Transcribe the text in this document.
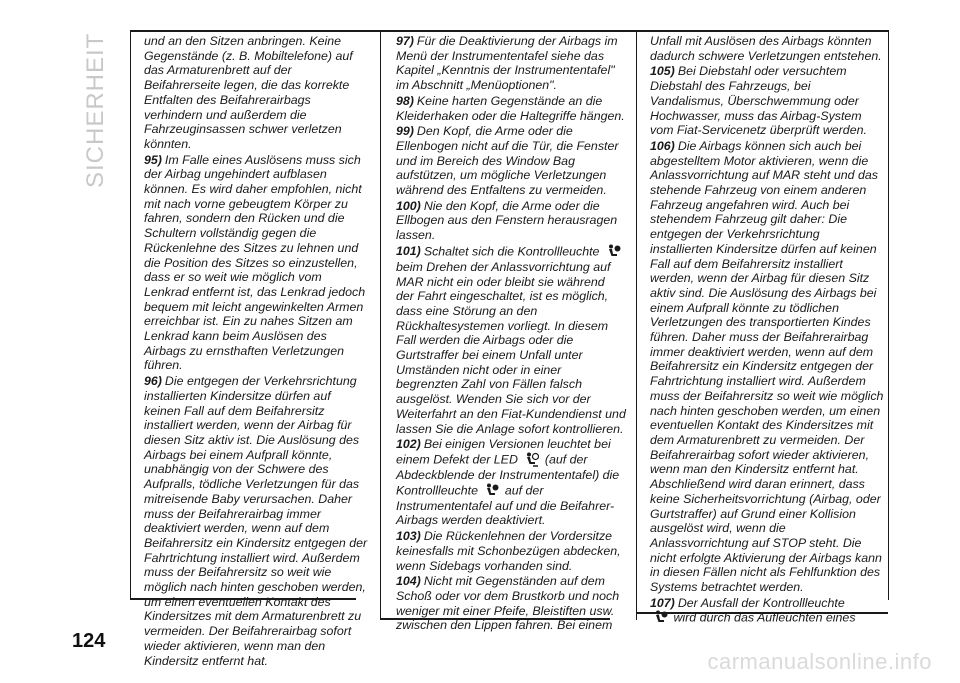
SICHERHEIT	und an den Sitzen anbringen. Keine Gegenstände (z. B. Mobiltelefone) auf das Armaturenbrett auf der Beifahrerseite legen, die das korrekte Entfalten des Beifahrerairbags verhindern und außerdem die Fahrzeuginsassen schwer verletzen könnten.

95) Im Falle eines Auslösens muss sich der Airbag ungehindert aufblasen können. Es wird daher empfohlen, nicht mit nach vorne gebeugtem Körper zu fahren, sondern den Rücken und die Schultern vollständig gegen die Rückenlehne des Sitzes zu lehnen und die Position des Sitzes so einzustellen, dass er so weit wie möglich vom Lenkrad entfernt ist, das Lenkrad jedoch bequem mit leicht angewinkelten Armen erreichbar ist. Ein zu nahes Sitzen am Lenkrad kann beim Auslösen des Airbags zu ernsthaften Verletzungen führen.

96) Die entgegen der Verkehrsrichtung installierten Kindersitze dürfen auf keinen Fall auf dem Beifahrersitz installiert werden, wenn der Airbag für diesen Sitz aktiv ist. Die Auslösung des Airbags bei einem Aufprall könnte, unabhängig von der Schwere des Aufpralls, tödliche Verletzungen für das mitreisende Baby verursachen. Daher muss der Beifahrerairbag immer deaktiviert werden, wenn auf dem Beifahrersitz ein Kindersitz entgegen der Fahrtrichtung installiert wird. Außerdem muss der Beifahrersitz so weit wie möglich nach hinten geschoben werden, um einen eventuellen Kontakt des Kindersitzes mit dem Armaturenbrett zu vermeiden. Der Beifahrerairbag sofort wieder aktivieren, wenn man den Kindersitz entfernt hat.

97) Für die Deaktivierung der Airbags im Menü der Instrumententafel siehe das Kapitel „Kenntnis der Instrumententafel" im Abschnitt „Menüoptionen".

98) Keine harten Gegenstände an die Kleiderhaken oder die Haltegriffe hängen.

99) Den Kopf, die Arme oder die Ellenbogen nicht auf die Tür, die Fenster und im Bereich des Window Bag aufstützen, um mögliche Verletzungen während des Entfaltens zu vermeiden.

100) Nie den Kopf, die Arme oder die Ellbogen aus den Fenstern herausragen lassen.

101) Schaltet sich die Kontrollleuchte  beim Drehen der Anlassvorrichtung auf MAR nicht ein oder bleibt sie während der Fahrt eingeschaltet, ist es möglich, dass eine Störung an den Rückhaltesystemen vorliegt. In diesem Fall werden die Airbags oder die Gurtstraffer bei einem Unfall unter Umständen nicht oder in einer begrenzten Zahl von Fällen falsch ausgelöst. Wenden Sie sich vor der Weiterfahrt an den Fiat-Kundendienst und lassen Sie die Anlage sofort kontrollieren.

102) Bei einigen Versionen leuchtet bei einem Defekt der LED (auf der Abdeckblende der Instrumententafel) die Kontrollleuchte auf der Instrumententafel auf und die Beifahrer-Airbags werden deaktiviert.

103) Die Rückenlehnen der Vordersitze keinesfalls mit Schonbezügen abdecken, wenn Sidebags vorhanden sind.

104) Nicht mit Gegenständen auf dem Schoß oder vor dem Brustkorb und noch weniger mit einer Pfeife, Bleistiften usw. zwischen den Lippen fahren. Bei einem

Unfall mit Auslösen des Airbags könnten dadurch schwere Verletzungen entstehen.

105) Bei Diebstahl oder versuchtem Diebstahl des Fahrzeugs, bei Vandalismus, Überschwemmung oder Hochwasser, muss das Airbag-System vom Fiat-Servicenetz überprüft werden.

106) Die Airbags können sich auch bei abgestelltem Motor aktivieren, wenn die Anlassvorrichtung auf MAR steht und das stehende Fahrzeug von einem anderen Fahrzeug angefahren wird. Auch bei stehendem Fahrzeug gilt daher: Die entgegen der Verkehrsrichtung installierten Kindersitze dürfen auf keinen Fall auf dem Beifahrersitz installiert werden, wenn der Airbag für diesen Sitz aktiv sind. Die Auslösung des Airbags bei einem Aufprall könnte zu tödlichen Verletzungen des transportierten Kindes führen. Daher muss der Beifahrerairbag immer deaktiviert werden, wenn auf dem Beifahrersitz ein Kindersitz entgegen der Fahrtrichtung installiert wird. Außerdem muss der Beifahrersitz so weit wie möglich nach hinten geschoben werden, um einen eventuellen Kontakt des Kindersitzes mit dem Armaturenbrett zu vermeiden. Der Beifahrerairbag sofort wieder aktivieren, wenn man den Kindersitz entfernt hat. Abschließend wird daran erinnert, dass keine Sicherheitsvorrichtung (Airbag, oder Gurtstraffer) auf Grund einer Kollision ausgelöst wird, wenn die Anlassvorrichtung auf STOP steht. Die nicht erfolgte Aktivierung der Airbags kann in diesen Fällen nicht als Fehlfunktion des Systems betrachtet werden.

107) Der Ausfall der Kontrollleuchte
wird durch das Aufleuchten eines

124
carmanualsonline.info
